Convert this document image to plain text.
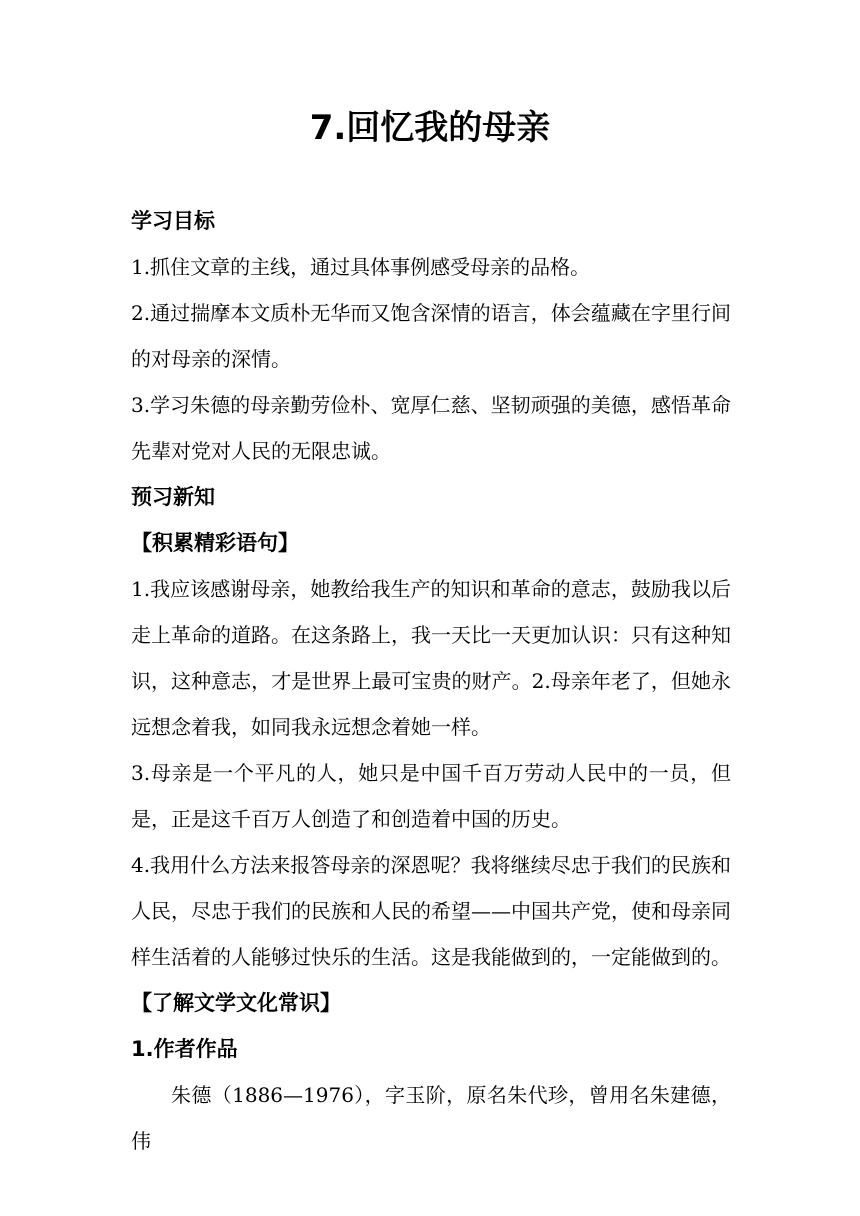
7.回忆我的母亲
学习目标
1.抓住文章的主线，通过具体事例感受母亲的品格。
2.通过揣摩本文质朴无华而又饱含深情的语言，体会蕴藏在字里行间的对母亲的深情。
3.学习朱德的母亲勤劳俭朴、宽厚仁慈、坚韧顽强的美德，感悟革命先辈对党对人民的无限忠诚。
预习新知
【积累精彩语句】
1.我应该感谢母亲，她教给我生产的知识和革命的意志，鼓励我以后走上革命的道路。在这条路上，我一天比一天更加认识：只有这种知识，这种意志，才是世界上最可宝贵的财产。2.母亲年老了，但她永远想念着我，如同我永远想念着她一样。
3.母亲是一个平凡的人，她只是中国千百万劳动人民中的一员，但是，正是这千百万人创造了和创造着中国的历史。
4.我用什么方法来报答母亲的深恩呢？我将继续尽忠于我们的民族和人民，尽忠于我们的民族和人民的希望——中国共产党，使和母亲同样生活着的人能够过快乐的生活。这是我能做到的，一定能做到的。
【了解文学文化常识】
1.作者作品
朱德（1886—1976），字玉阶，原名朱代珍，曾用名朱建德，伟
